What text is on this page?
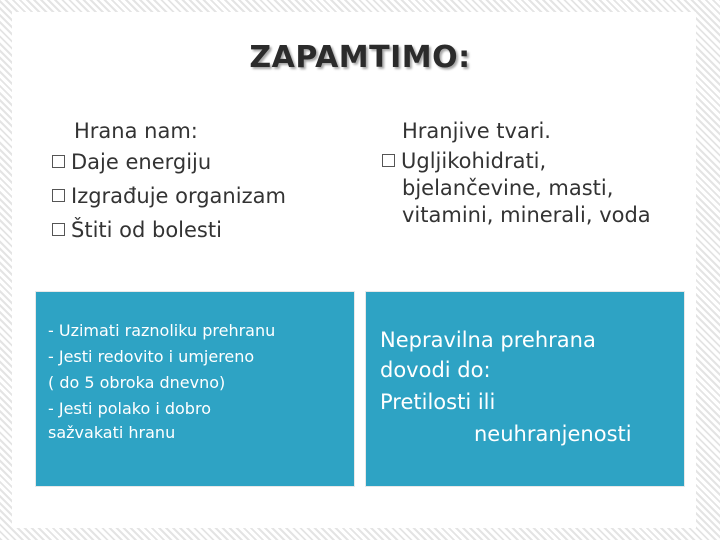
ZAPAMTIMO:
Hrana nam:
Daje energiju
Izgrađuje organizam
Štiti od bolesti
Hranjive tvari.
Ugljikohidrati,
bjelančevine, masti,
vitamini, minerali, voda
- Uzimati raznoliku prehranu
- Jesti redovito i umjereno
( do 5 obroka dnevno)
- Jesti polako i dobro
sažvakati hranu
Nepravilna prehrana
dovodi do:
Pretilosti ili
neuhranjenosti
